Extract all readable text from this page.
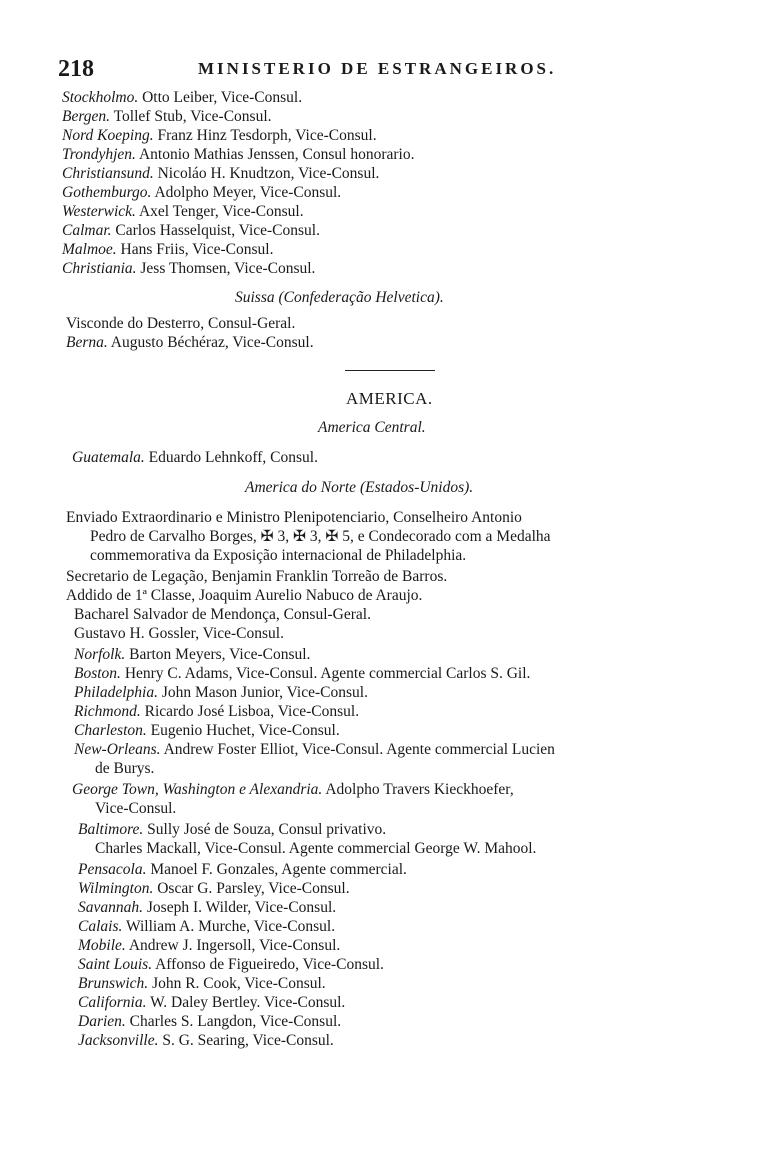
218	MINISTERIO DE ESTRANGEIROS.
Stockholmo. Otto Leiber, Vice-Consul.
Bergen. Tollef Stub, Vice-Consul.
Nord Koeping. Franz Hinz Tesdorph, Vice-Consul.
Trondyhjen. Antonio Mathias Jenssen, Consul honorario.
Christiansund. Nicoláo H. Knudtzon, Vice-Consul.
Gothemburgo. Adolpho Meyer, Vice-Consul.
Westerwick. Axel Tenger, Vice-Consul.
Calmar. Carlos Hasselquist, Vice-Consul.
Malmoe. Hans Friis, Vice-Consul.
Christiania. Jess Thomsen, Vice-Consul.
Suissa (Confederação Helvetica).
Visconde do Desterro, Consul-Geral.
Berna. Augusto Béchéraz, Vice-Consul.
AMERICA.
America Central.
Guatemala. Eduardo Lehnkoff, Consul.
America do Norte (Estados-Unidos).
Enviado Extraordinario e Ministro Plenipotenciario, Conselheiro Antonio
Pedro de Carvalho Borges, ✠ 3, ✠ 3, ✠ 5, e Condecorado com a Medalha
commemorativa da Exposição internacional de Philadelphia.
Secretario de Legação, Benjamin Franklin Torreão de Barros.
Addido de 1ª Classe, Joaquim Aurelio Nabuco de Araujo.
Bacharel Salvador de Mendonça, Consul-Geral.
Gustavo H. Gossler, Vice-Consul.
Norfolk. Barton Meyers, Vice-Consul.
Boston. Henry C. Adams, Vice-Consul. Agente commercial Carlos S. Gil.
Philadelphia. John Mason Junior, Vice-Consul.
Richmond. Ricardo José Lisboa, Vice-Consul.
Charleston. Eugenio Huchet, Vice-Consul.
New-Orleans. Andrew Foster Elliot, Vice-Consul. Agente commercial Lucien
de Burys.
George Town, Washington e Alexandria. Adolpho Travers Kieckhoefer,
Vice-Consul.
Baltimore. Sully José de Souza, Consul privativo.
Charles Mackall, Vice-Consul. Agente commercial George W. Mahool.
Pensacola. Manoel F. Gonzales, Agente commercial.
Wilmington. Oscar G. Parsley, Vice-Consul.
Savannah. Joseph I. Wilder, Vice-Consul.
Calais. William A. Murche, Vice-Consul.
Mobile. Andrew J. Ingersoll, Vice-Consul.
Saint Louis. Affonso de Figueiredo, Vice-Consul.
Brunswich. John R. Cook, Vice-Consul.
California. W. Daley Bertley. Vice-Consul.
Darien. Charles S. Langdon, Vice-Consul.
Jacksonville. S. G. Searing, Vice-Consul.
